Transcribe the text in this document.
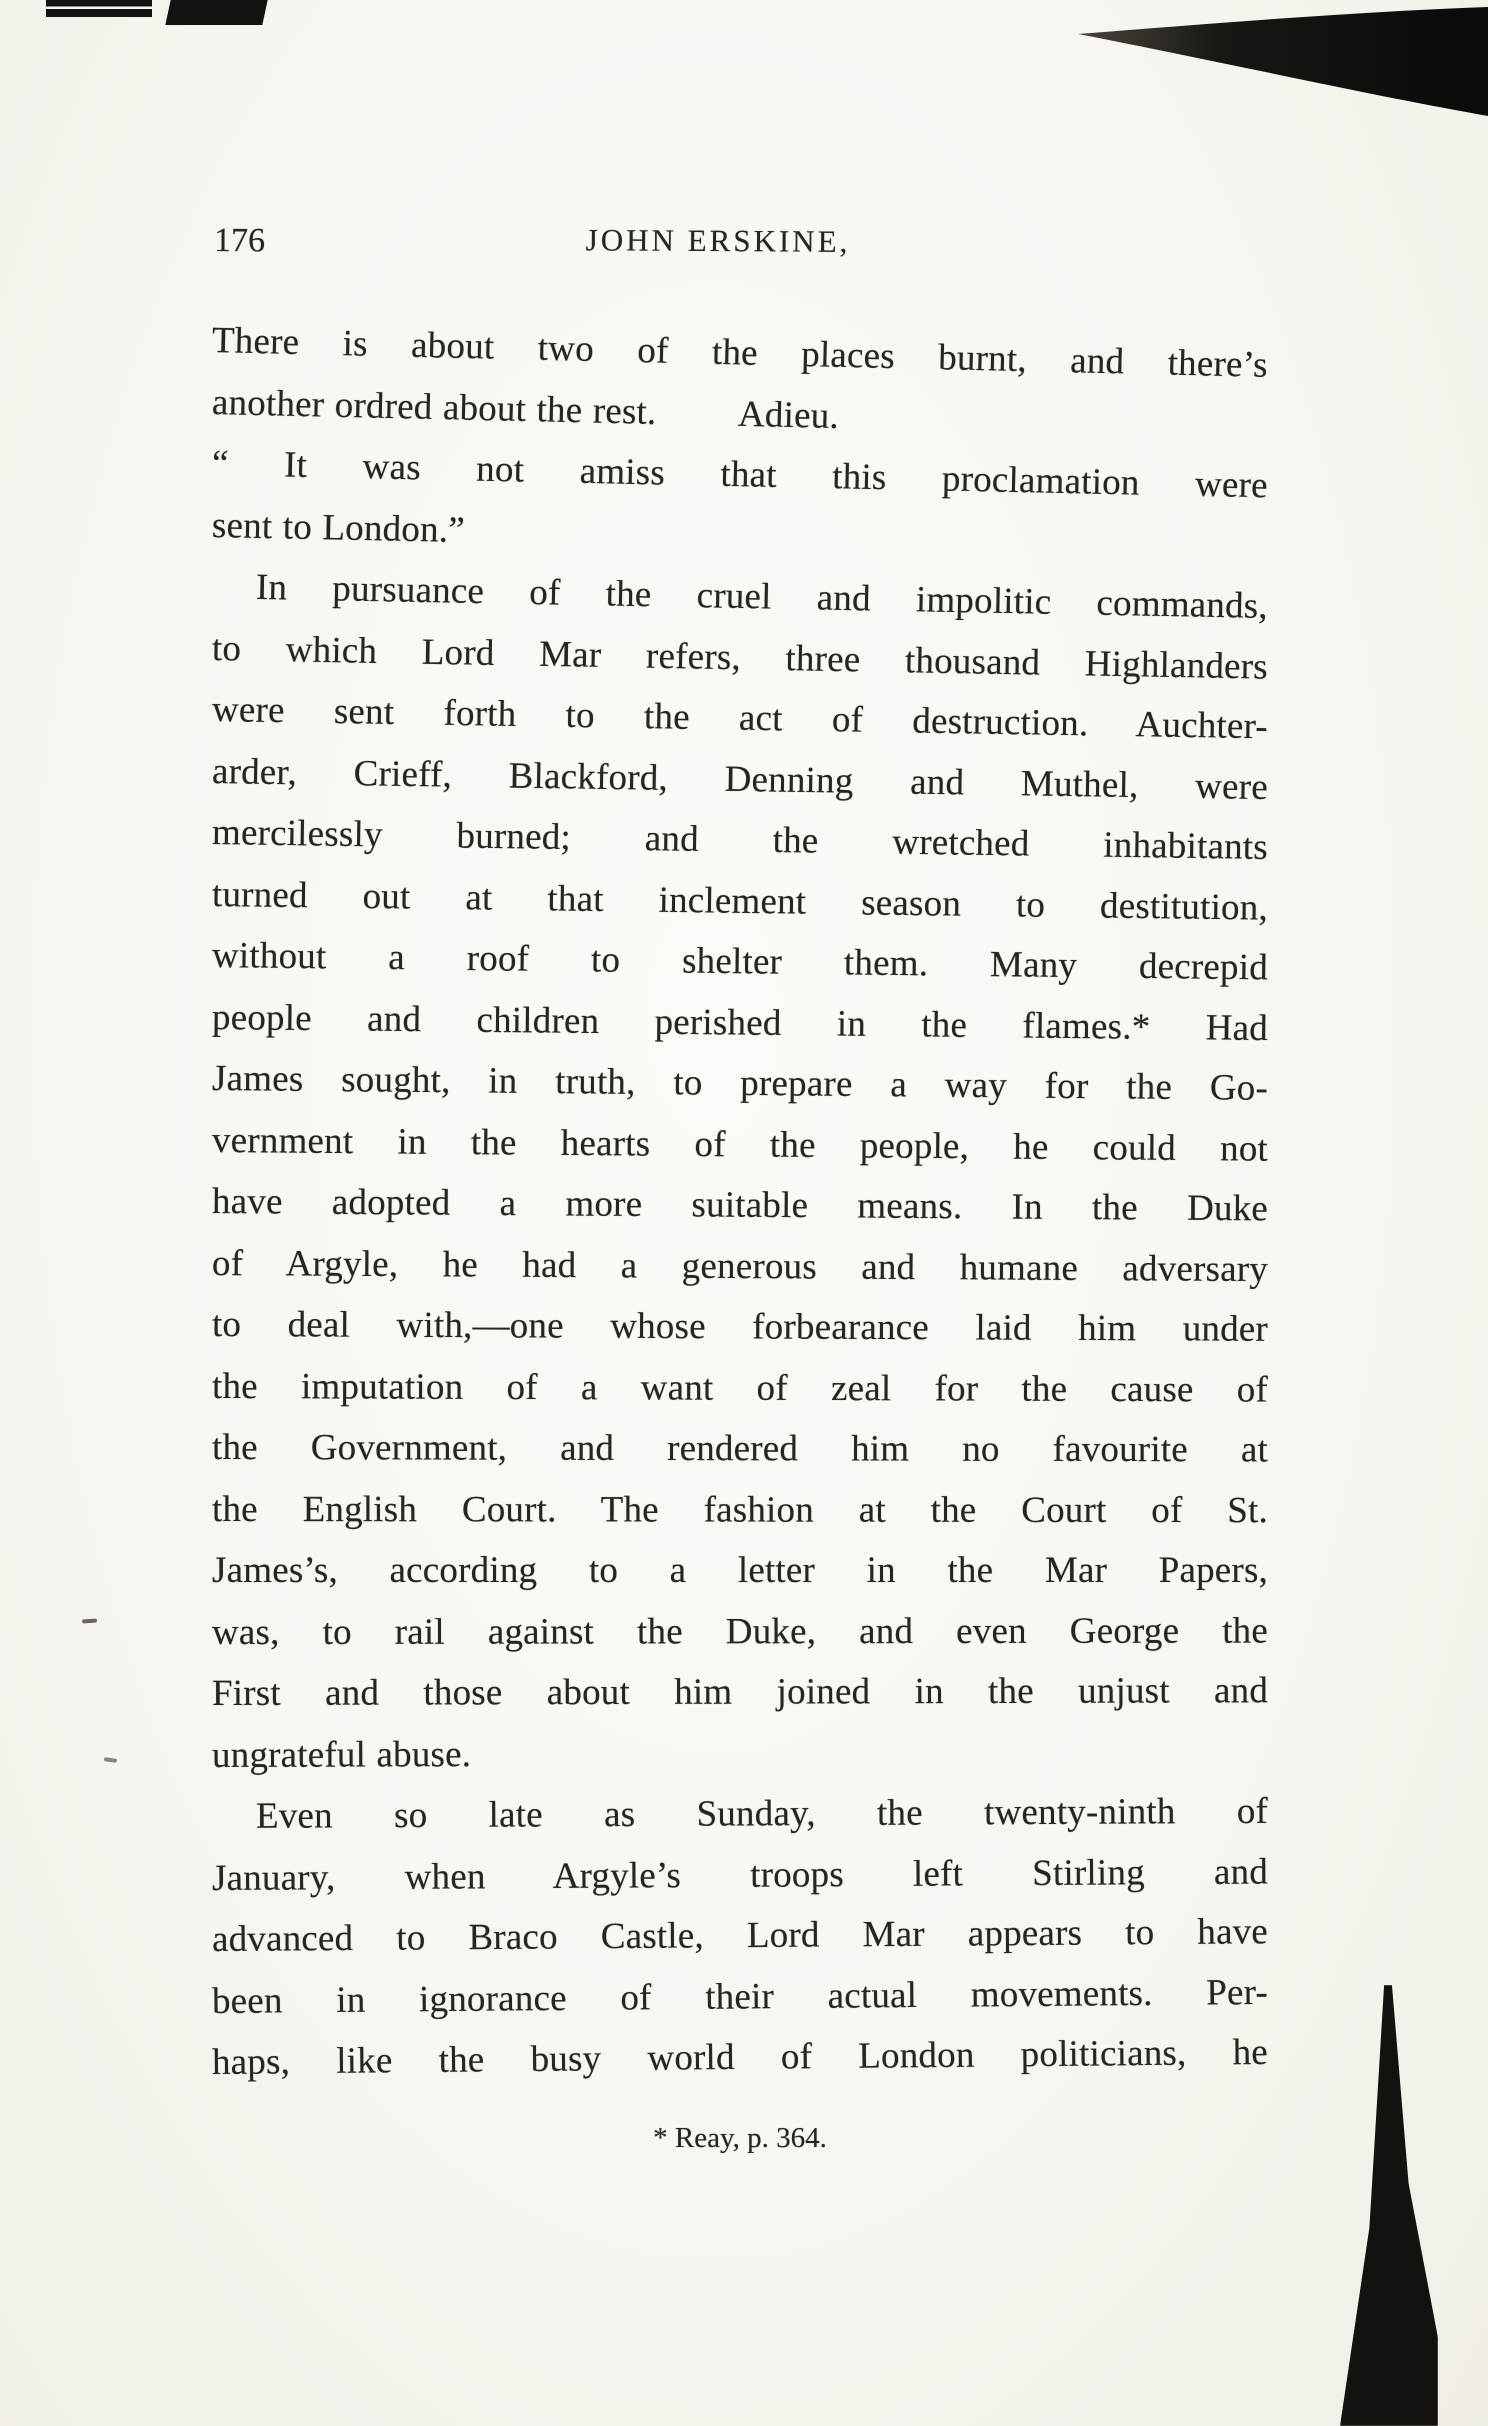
176	JOHN ERSKINE,
There is about two of the places burnt, and there’s
another ordred about the rest.        Adieu.
“ It was not amiss that this proclamation were
sent to London.”
In pursuance of the cruel and impolitic commands,
to which Lord Mar refers, three thousand Highlanders
were sent forth to the act of destruction. Auchter-
arder, Crieff, Blackford, Denning and Muthel, were
mercilessly burned; and the wretched inhabitants
turned out at that inclement season to destitution,
without a roof to shelter them. Many decrepid
people and children perished in the flames.* Had
James sought, in truth, to prepare a way for the Go-
vernment in the hearts of the people, he could not
have adopted a more suitable means. In the Duke
of Argyle, he had a generous and humane adversary
to deal with,—one whose forbearance laid him under
the imputation of a want of zeal for the cause of
the Government, and rendered him no favourite at
the English Court. The fashion at the Court of St.
James’s, according to a letter in the Mar Papers,
was, to rail against the Duke, and even George the
First and those about him joined in the unjust and
ungrateful abuse.
Even so late as Sunday, the twenty-ninth of
January, when Argyle’s troops left Stirling and
advanced to Braco Castle, Lord Mar appears to have
been in ignorance of their actual movements. Per-
haps, like the busy world of London politicians, he
* Reay, p. 364.
